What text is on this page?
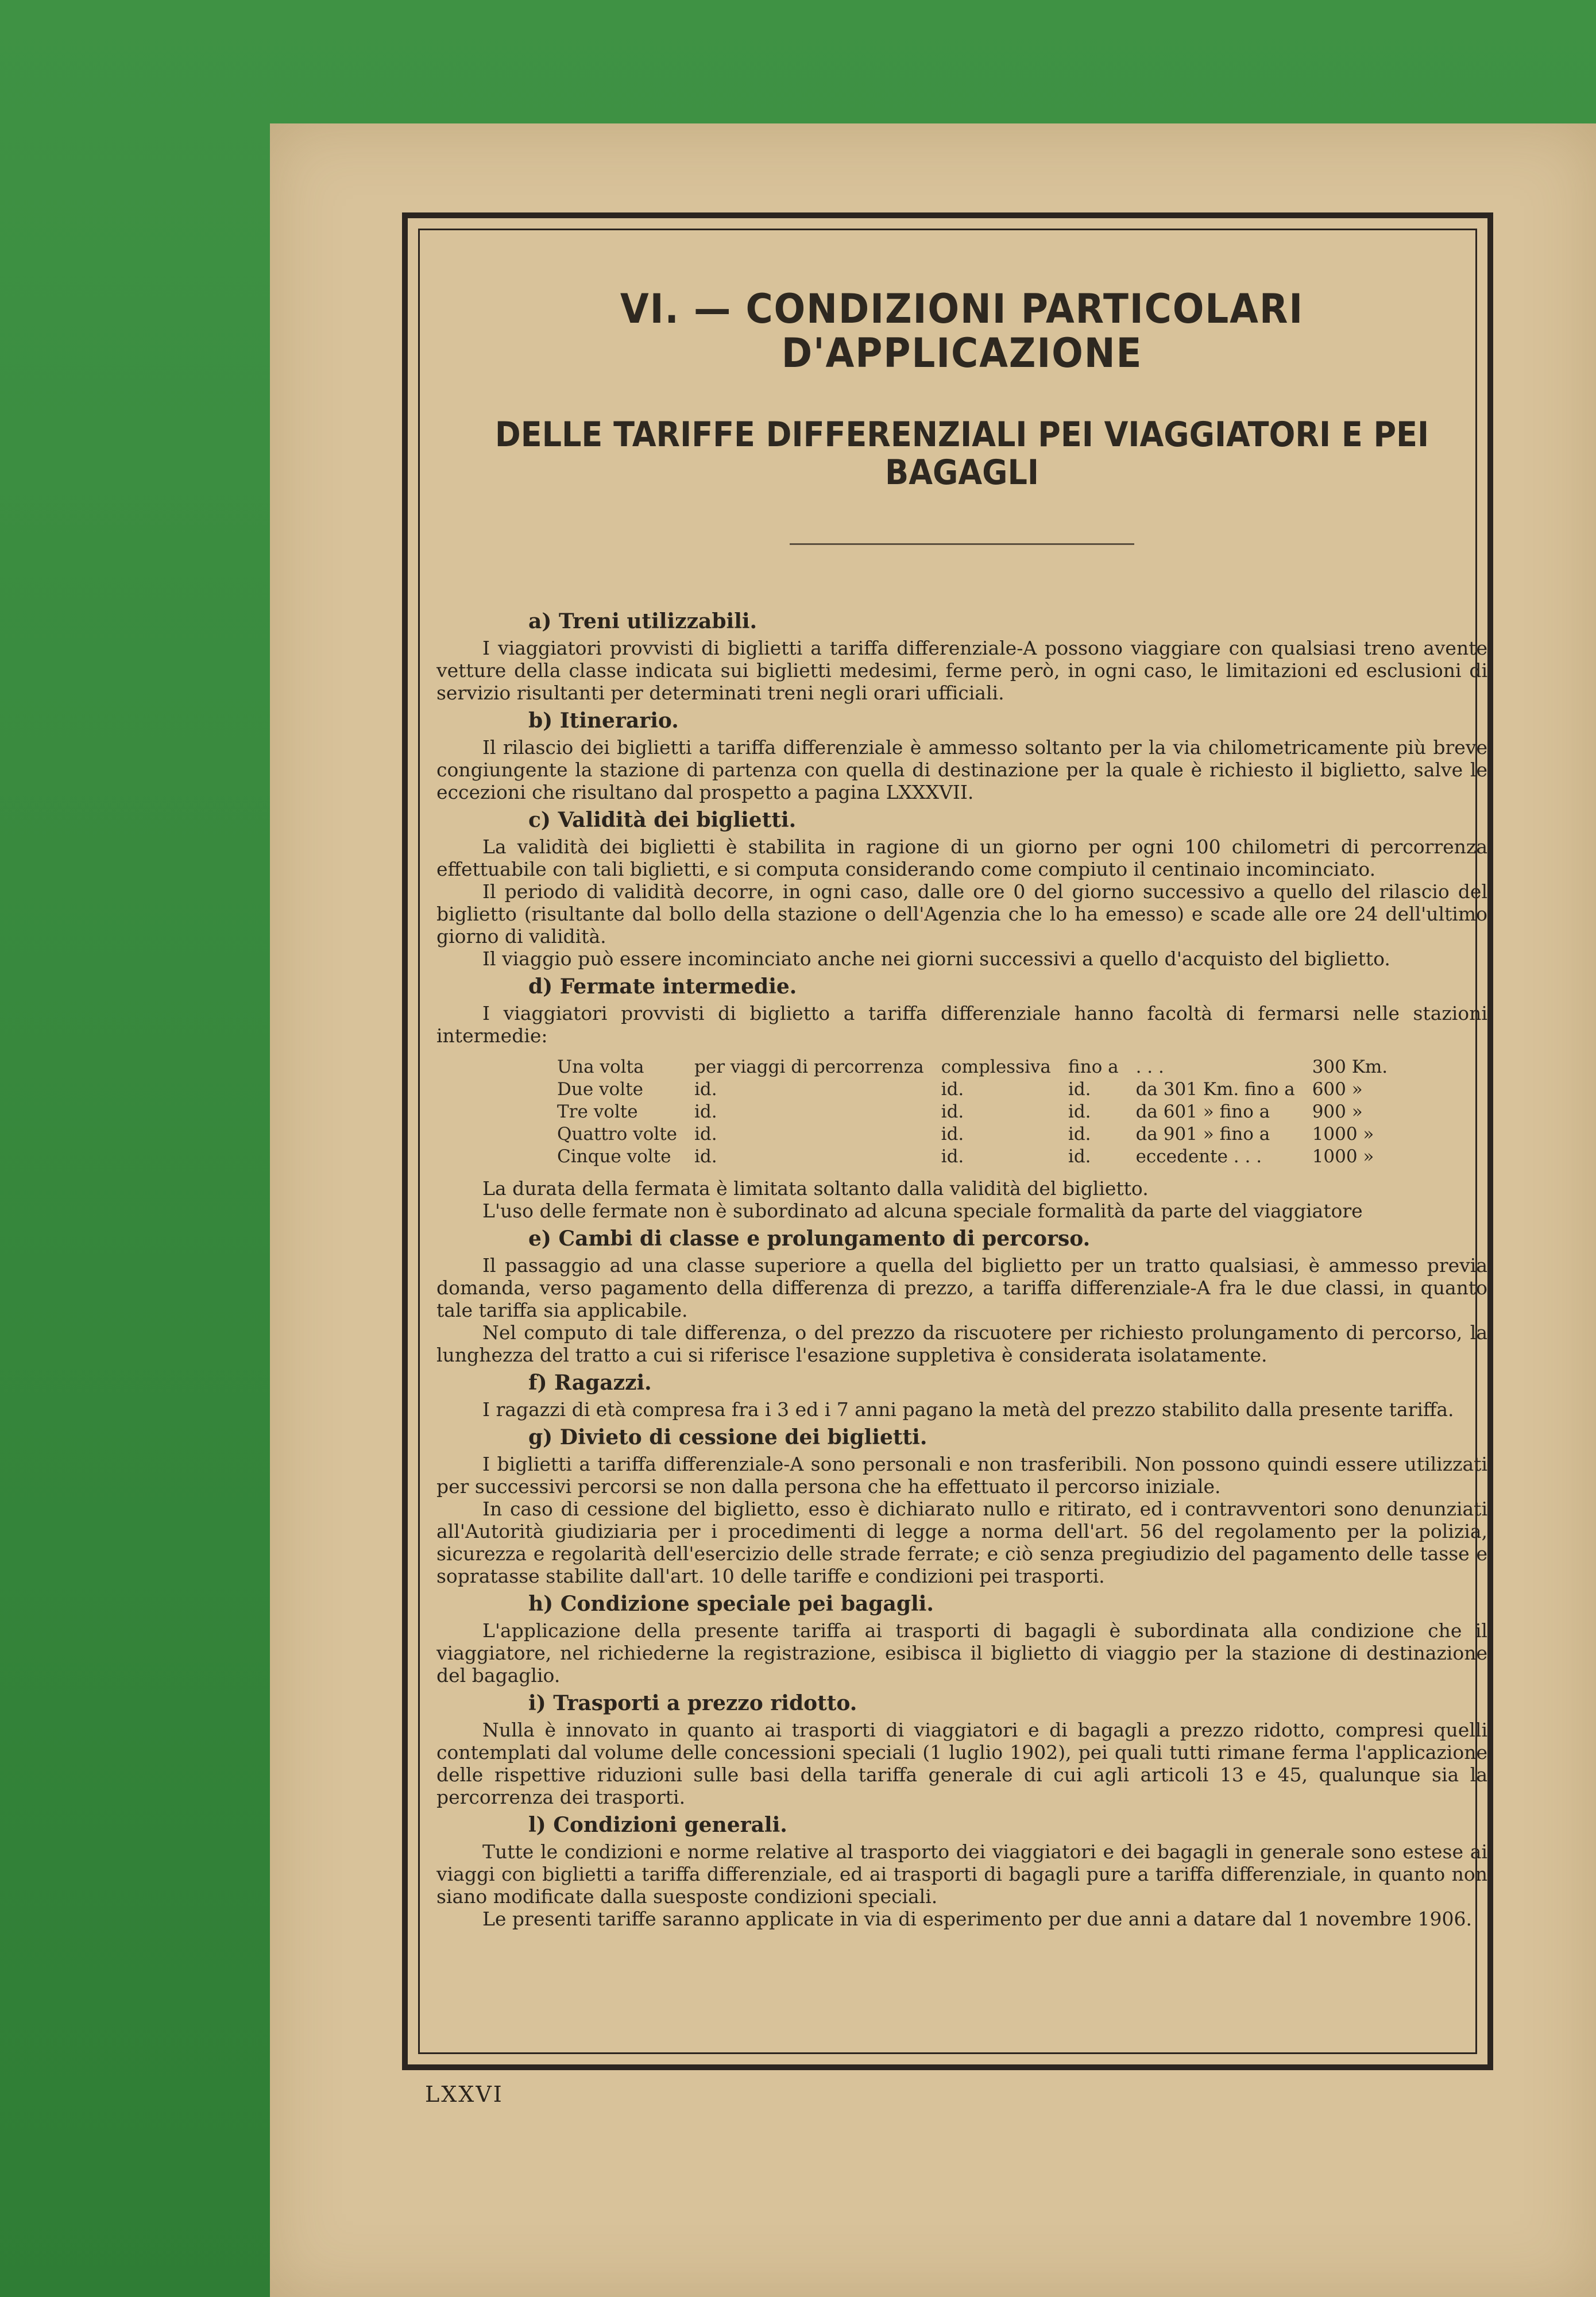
VI. — CONDIZIONI PARTICOLARI D'APPLICAZIONE
DELLE TARIFFE DIFFERENZIALI PEI VIAGGIATORI E PEI BAGAGLI
a) Treni utilizzabili.

I viaggiatori provvisti di biglietti a tariffa differenziale-A possono viaggiare con qualsiasi treno avente vetture della classe indicata sui biglietti medesimi, ferme però, in ogni caso, le limitazioni ed esclusioni di servizio risultanti per determinati treni negli orari ufficiali.

b) Itinerario.

Il rilascio dei biglietti a tariffa differenziale è ammesso soltanto per la via chilometricamente più breve congiungente la stazione di partenza con quella di destinazione per la quale è richiesto il biglietto, salve le eccezioni che risultano dal prospetto a pagina LXXXVII.

c) Validità dei biglietti.

La validità dei biglietti è stabilita in ragione di un giorno per ogni 100 chilometri di percorrenza effettuabile con tali biglietti, e si computa considerando come compiuto il centinaio incominciato.

Il periodo di validità decorre, in ogni caso, dalle ore 0 del giorno successivo a quello del rilascio del biglietto (risultante dal bollo della stazione o dell'Agenzia che lo ha emesso) e scade alle ore 24 dell'ultimo giorno di validità.

Il viaggio può essere incominciato anche nei giorni successivi a quello d'acquisto del biglietto.

d) Fermate intermedie.

I viaggiatori provvisti di biglietto a tariffa differenziale hanno facoltà di fermarsi nelle stazioni intermedie:

Una volta	per viaggi di percorrenza	complessiva	fino a	. . .	300 Km.
Due volte	id.	id.	id.	da 301 Km. fino a	600 »
Tre volte	id.	id.	id.	da 601 » fino a	900 »
Quattro volte	id.	id.	id.	da 901 » fino a	1000 »
Cinque volte	id.	id.	id.	eccedente . . .	1000 »

La durata della fermata è limitata soltanto dalla validità del biglietto.

L'uso delle fermate non è subordinato ad alcuna speciale formalità da parte del viaggiatore

e) Cambi di classe e prolungamento di percorso.

Il passaggio ad una classe superiore a quella del biglietto per un tratto qualsiasi, è ammesso previa domanda, verso pagamento della differenza di prezzo, a tariffa differenziale-A fra le due classi, in quanto tale tariffa sia applicabile.

Nel computo di tale differenza, o del prezzo da riscuotere per richiesto prolungamento di percorso, la lunghezza del tratto a cui si riferisce l'esazione suppletiva è considerata isolatamente.

f) Ragazzi.

I ragazzi di età compresa fra i 3 ed i 7 anni pagano la metà del prezzo stabilito dalla presente tariffa.

g) Divieto di cessione dei biglietti.

I biglietti a tariffa differenziale-A sono personali e non trasferibili. Non possono quindi essere utilizzati per successivi percorsi se non dalla persona che ha effettuato il percorso iniziale.

In caso di cessione del biglietto, esso è dichiarato nullo e ritirato, ed i contravventori sono denunziati all'Autorità giudiziaria per i procedimenti di legge a norma dell'art. 56 del regolamento per la polizia, sicurezza e regolarità dell'esercizio delle strade ferrate; e ciò senza pregiudizio del pagamento delle tasse e sopratasse stabilite dall'art. 10 delle tariffe e condizioni pei trasporti.

h) Condizione speciale pei bagagli.

L'applicazione della presente tariffa ai trasporti di bagagli è subordinata alla condizione che il viaggiatore, nel richiederne la registrazione, esibisca il biglietto di viaggio per la stazione di destinazione del bagaglio.

i) Trasporti a prezzo ridotto.

Nulla è innovato in quanto ai trasporti di viaggiatori e di bagagli a prezzo ridotto, compresi quelli contemplati dal volume delle concessioni speciali (1 luglio 1902), pei quali tutti rimane ferma l'applicazione delle rispettive riduzioni sulle basi della tariffa generale di cui agli articoli 13 e 45, qualunque sia la percorrenza dei trasporti.

l) Condizioni generali.

Tutte le condizioni e norme relative al trasporto dei viaggiatori e dei bagagli in generale sono estese ai viaggi con biglietti a tariffa differenziale, ed ai trasporti di bagagli pure a tariffa differenziale, in quanto non siano modificate dalla suesposte condizioni speciali.

Le presenti tariffe saranno applicate in via di esperimento per due anni a datare dal 1 novembre 1906.

LXXVI
